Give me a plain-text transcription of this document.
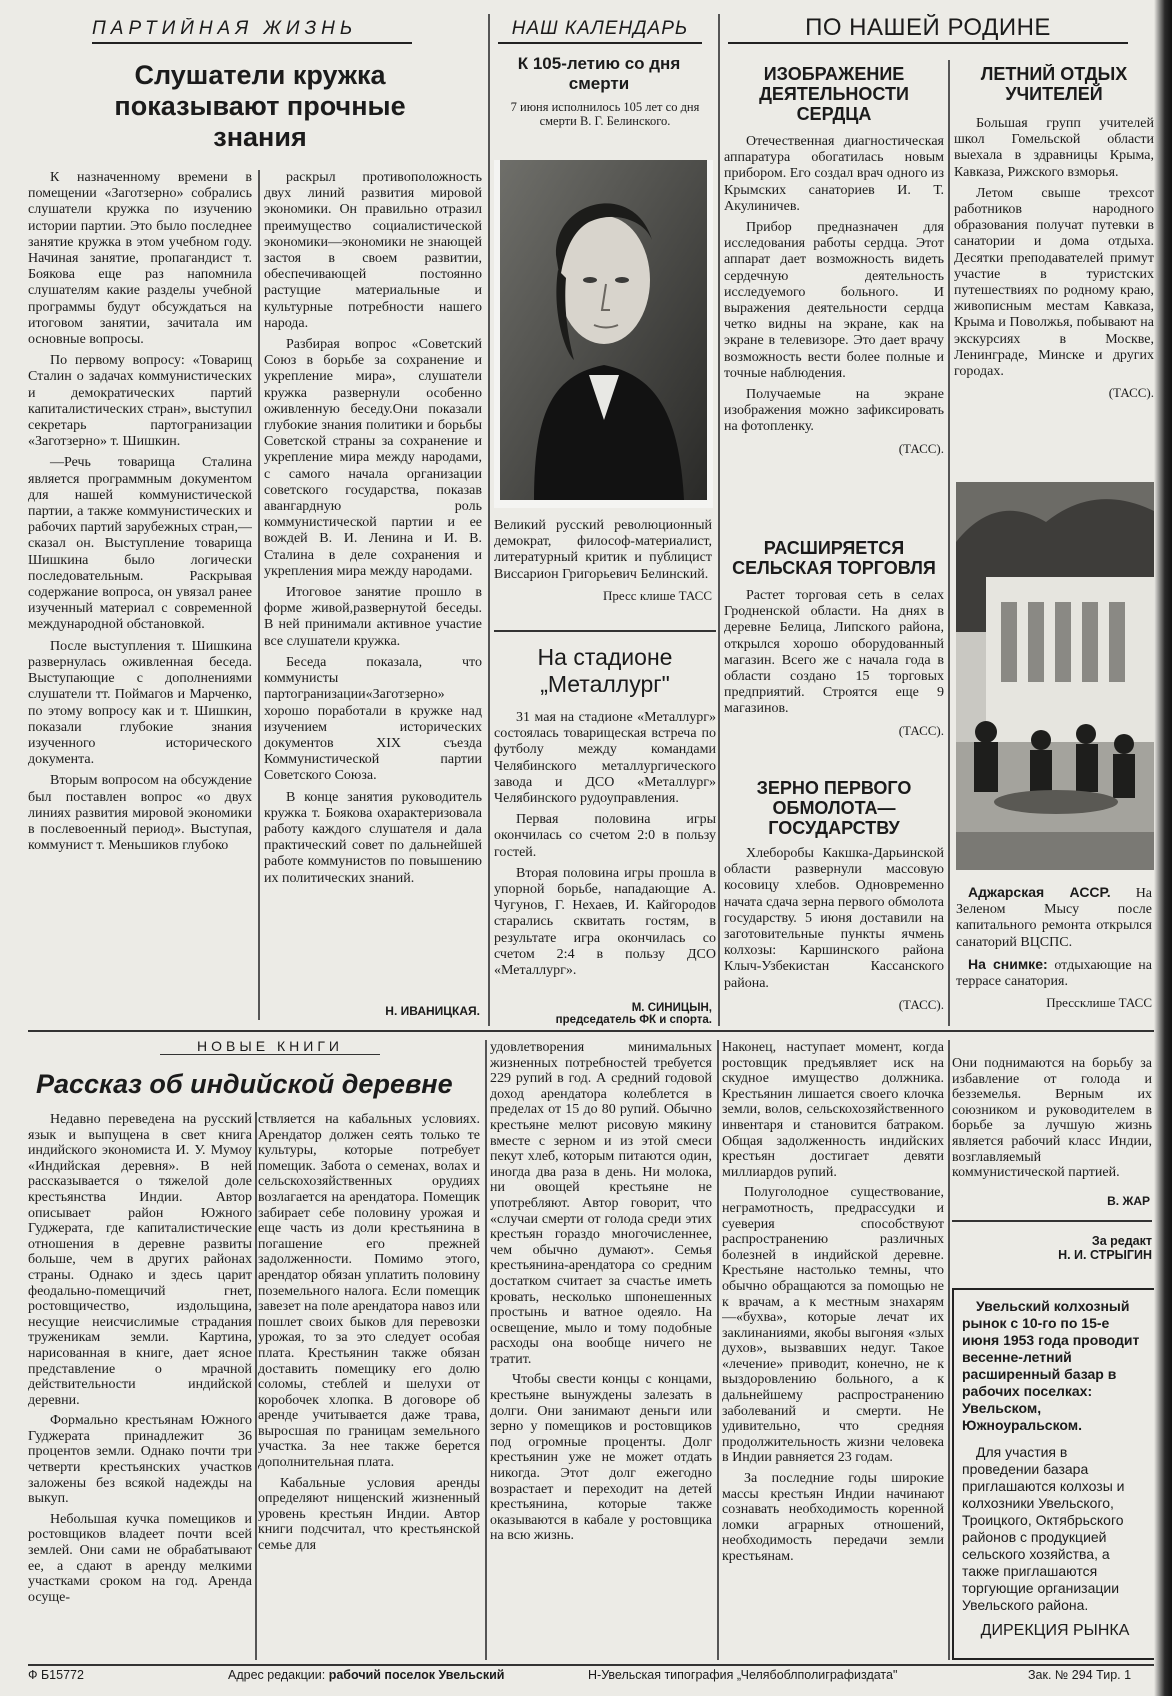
ПАРТИЙНАЯ ЖИЗНЬ
Слушатели кружка показывают прочные знания

К назначенному времени в помещении «Заготзерно» собрались слушатели кружка по изучению истории партии. Это было последнее занятие кружка в этом учебном году. Начиная занятие, пропагандист т. Боякова еще раз напомнила слушателям какие разделы учебной программы будут обсуждаться на итоговом занятии, зачитала им основные вопросы.

По первому вопросу: «Товарищ Сталин о задачах коммунистических и демократических партий капиталистических стран», выступил секретарь партогранизации «Заготзерно» т. Шишкин.

—Речь товарища Сталина является программным документом для нашей коммунистической партии, а также коммунистических и рабочих партий зарубежных стран,—сказал он. Выступление товарища Шишкина было логически последовательным. Раскрывая содержание вопроса, он увязал ранее изученный материал с современной международной обстановкой.

После выступления т. Шишкина развернулась оживленная беседа. Выступающие с дополнениями слушатели тт. Поймагов и Марченко, по этому вопросу как и т. Шишкин, показали глубокие знания изученного исторического документа.

Вторым вопросом на обсуждение был поставлен вопрос «о двух линиях развития мировой экономики в послевоенный период». Выступая, коммунист т. Меньшиков глубоко

раскрыл противоположность двух линий развития мировой экономики. Он правильно отразил преимущество социалистической экономики—экономики не знающей застоя в своем развитии, обеспечивающей постоянно растущие материальные и культурные потребности нашего народа.

Разбирая вопрос «Советский Союз в борьбе за сохранение и укрепление мира», слушатели кружка развернули особенно оживленную беседу.Они показали глубокие знания политики и борьбы Советской страны за сохранение и укрепление мира между народами, с самого начала организации советского государства, показав авангардную роль коммунистической партии и ее вождей В. И. Ленина и И. В. Сталина в деле сохранения и укрепления мира между народами.

Итоговое занятие прошло в форме живой,развернутой беседы. В ней принимали активное участие все слушатели кружка.

Беседа показала, что коммунисты партогранизации«Заготзерно» хорошо поработали в кружке над изучением исторических документов XIX съезда Коммунистической партии Советского Союза.

В конце занятия руководитель кружка т. Боякова охарактеризовала работу каждого слушателя и дала практический совет по дальнейшей работе коммунистов по повышению их политических знаний.

Н. ИВАНИЦКАЯ.
НАШ КАЛЕНДАРЬ
К 105-летию со дня смерти
7 июня исполнилось 105 лет со дня смерти В. Г. Белинского.

Великий русский революционный демократ, философ-материалист, литературный критик и публицист Виссарион Григорьевич Белинский.

Пресс клише ТАСС
На стадионе „Металлург"

31 мая на стадионе «Металлург» состоялась товарищеская встреча по футболу между командами Челябинского металлургического завода и ДСО «Металлург» Челябинского рудоуправления.

Первая половина игры окончилась со счетом 2:0 в пользу гостей.

Вторая половина игры прошла в упорной борьбе, нападающие А. Чугунов, Г. Нехаев, И. Кайгородов старались сквитать гостям, в результате игра окончилась со счетом 2:4 в пользу ДСО «Металлург».

М. СИНИЦЫН,
председатель ФК и спорта.
ПО НАШЕЙ РОДИНЕ
ИЗОБРАЖЕНИЕ ДЕЯТЕЛЬНОСТИ СЕРДЦА

Отечественная диагностическая аппаратура обогатилась новым прибором. Его создал врач одного из Крымских санаториев И. Т. Акулиничев.

Прибор предназначен для исследования работы сердца. Этот аппарат дает возможность видеть сердечную деятельность исследуемого больного. И выражения деятельности сердца четко видны на экране, как на экране в телевизоре. Это дает врачу возможность вести более полные и точные наблюдения.

Получаемые на экране изображения можно зафиксировать на фотопленку.

(ТАСС).
РАСШИРЯЕТСЯ СЕЛЬСКАЯ ТОРГОВЛЯ

Растет торговая сеть в селах Гродненской области. На днях в деревне Белица, Липского района, открылся хорошо оборудованный магазин. Всего же с начала года в области создано 15 торговых предприятий. Строятся еще 9 магазинов.

(ТАСС).
ЗЕРНО ПЕРВОГО ОБМОЛОТА— ГОСУДАРСТВУ

Хлеборобы Какшка-Дарьинской области развернули массовую косовицу хлебов. Одновременно начата сдача зерна первого обмолота государству. 5 июня доставили на заготовительные пункты ячмень колхозы: Каршинского района Клыч-Узбекистан Кассанского района.

(ТАСС).
ЛЕТНИЙ ОТДЫХ УЧИТЕЛЕЙ

Большая групп учителей школ Гомельской области выехала в здравницы Крыма, Кавказа, Рижского взморья.

Летом свыше трехсот работников народного образования получат путевки в санатории и дома отдыха. Десятки преподавателей примут участие в туристских путешествиях по родному краю, живописным местам Кавказа, Крыма и Поволжья, побывают на экскурсиях в Москве, Ленинграде, Минске и других городах.

(ТАСС).

Аджарская АССР. На Зеленом Мысу после капитального ремонта открылся санаторий ВЦСПС.

На снимке: отдыхающие на террасе санатория.

Прессклише ТАСС
НОВЫЕ КНИГИ
Рассказ об индийской деревне

Недавно переведена на русский язык и выпущена в свет книга индийского экономиста И. У. Мумоу «Индийская деревня». В ней рассказывается о тяжелой доле крестьянства Индии. Автор описывает район Южного Гуджерата, где капиталистические отношения в деревне развиты больше, чем в других районах страны. Однако и здесь царит феодально-помещичий гнет, ростовщичество, издольщина, несущие неисчислимые страдания труженикам земли. Картина, нарисованная в книге, дает ясное представление о мрачной действительности индийской деревни.

Формально крестьянам Южного Гуджерата принадлежит 36 процентов земли. Однако почти три четверти крестьянских участков заложены без всякой надежды на выкуп.

Небольшая кучка помещиков и ростовщиков владеет почти всей землей. Они сами не обрабатывают ее, а сдают в аренду мелкими участками сроком на год. Аренда осуще-

ствляется на кабальных условиях. Арендатор должен сеять только те культуры, которые потребует помещик. Забота о семенах, волах и сельскохозяйственных орудиях возлагается на арендатора. Помещик забирает себе половину урожая и еще часть из доли крестьянина в погашение его прежней задолженности. Помимо этого, арендатор обязан уплатить половину поземельного налога. Если помещик завезет на поле арендатора навоз или пошлет своих быков для перевозки урожая, то за это следует особая плата. Крестьянин также обязан доставить помещику его долю соломы, стеблей и шелухи от коробочек хлопка. В договоре об аренде учитывается даже трава, выросшая по границам земельного участка. За нее также берется дополнительная плата.

Кабальные условия аренды определяют нищенский жизненный уровень крестьян Индии. Автор книги подсчитал, что крестьянской семье для

удовлетворения минимальных жизненных потребностей требуется 229 рупий в год. А средний годовой доход арендатора колеблется в пределах от 15 до 80 рупий. Обычно крестьяне мелют рисовую мякину вместе с зерном и из этой смеси пекут хлеб, которым питаются один, иногда два раза в день. Ни молока, ни овощей крестьяне не употребляют. Автор говорит, что «случаи смерти от голода среди этих крестьян гораздо многочисленнее, чем обычно думают». Семья крестьянина-арендатора со средним достатком считает за счастье иметь кровать, несколько шпонешенных простынь и ватное одеяло. На освещение, мыло и тому подобные расходы она вообще ничего не тратит.

Чтобы свести концы с концами, крестьяне вынуждены залезать в долги. Они занимают деньги или зерно у помещиков и ростовщиков под огромные проценты. Долг крестьянин уже не может отдать никогда. Этот долг ежегодно возрастает и переходит на детей крестьянина, которые также оказываются в кабале у ростовщика на всю жизнь.

Наконец, наступает момент, когда ростовщик предъявляет иск на скудное имущество должника. Крестьянин лишается своего клочка земли, волов, сельскохозяйственного инвентаря и становится батраком. Общая задолженность индийских крестьян достигает девяти миллиардов рупий.

Полуголодное существование, неграмотность, предрассудки и суеверия способствуют распространению различных болезней в индийской деревне. Крестьяне настолько темны, что обычно обращаются за помощью не к врачам, а к местным знахарям—«бухва», которые лечат их заклинаниями, якобы выгоняя «злых духов», вызвавших недуг. Такое «лечение» приводит, конечно, не к выздоровлению больного, а к дальнейшему распространению заболеваний и смерти. Не удивительно, что средняя продолжительность жизни человека в Индии равняется 23 годам.

За последние годы широкие массы крестьян Индии начинают сознавать необходимость коренной ломки аграрных отношений, необходимость передачи земли крестьянам.

Они поднимаются на борьбу за избавление от голода и безземелья. Верным их союзником и руководителем в борьбе за лучшую жизнь является рабочий класс Индии, возглавляемый коммунистической партией.

В. ЖАР
За редакт
Н. И. СТРЫГИН

Увельский колхозный рынок с 10-го по 15-е июня 1953 года проводит весенне-летний расширенный базар в рабочих поселках: Увельском, Южноуральском.

Для участия в проведении базара приглашаются колхозы и колхозники Увельского, Троицкого, Октябрьского районов с продукцией сельского хозяйства, а также приглашаются торгующие организации Увельского района.

ДИРЕКЦИЯ РЫНКА
Ф Б15772	Адрес редакции: рабочий поселок Увельский	Н-Увельская типография „Челябоблполиграфиздата"	Зак. № 294 Тир. 1
